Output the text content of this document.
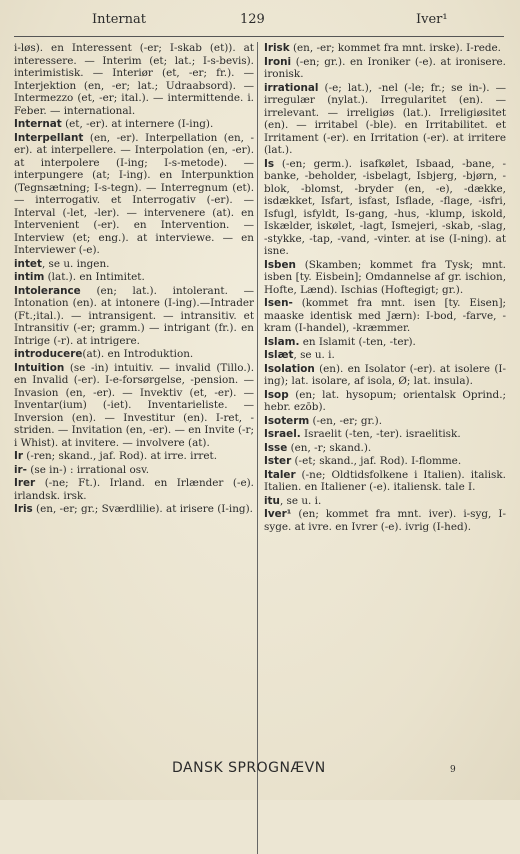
Internat	129	Iver¹
i-løs). en Interessent (-er; I-skab (et)). at interessere. — Interim (et; lat.; I-s-bevis). interimistisk. — Interiør (et, -er; fr.). — Interjektion (en, -er; lat.; Udraabsord). — Intermezzo (et, -er; ital.). — intermittende. i. Feber. — international.
Internat (et, -er). at internere (I-ing).
Interpellant (en, -er). Interpellation (en, -er). at interpellere. — Interpolation (en, -er). at interpolere (I-ing; I-s-metode). — interpungere (at; I-ing). en Interpunktion (Tegnsætning; I-s-tegn). — Interregnum (et). — interrogativ. et Interrogativ (-er). — Interval (-let, -ler). — intervenere (at). en Intervenient (-er). en Intervention. — Interview (et; eng.). at interviewe. — en Interviewer (-e).
intet, se u. ingen.
intim (lat.). en Intimitet.
Intolerance (en; lat.). intolerant. — Intonation (en). at intonere (I-ing).—Intrader (Ft.;ital.). — intransigent. — intransitiv. et Intransitiv (-er; gramm.) — intrigant (fr.). en Intrige (-r). at intrigere.
introducere(at). en Introduktion.
Intuition (se -in) intuitiv. — invalid (Tillo.). en Invalid (-er). I-e-forsørgelse, -pension. — Invasion (en, -er). — Invektiv (et, -er). — Inventar(ium) (-iet). Inventarieliste. — Inversion (en). — Investitur (en). I-ret, -striden. — Invitation (en, -er). — en Invite (-r; i Whist). at invitere. — involvere (at).
Ir (-ren; skand., jaf. Rod). at irre. irret.
ir- (se in-) : irrational osv.
Irer (-ne; Ft.). Irland. en Irlænder (-e). irlandsk. irsk.
Iris (en, -er; gr.; Sværdlilie). at irisere (I-ing).
Irisk (en, -er; kommet fra mnt. irske). I-rede.
Ironi (-en; gr.). en Ironiker (-e). at ironisere. ironisk.
irrational (-e; lat.), -nel (-le; fr.; se in-). — irregulær (nylat.). Irregularitet (en). — irrelevant. — irreligiøs (lat.). Irreligiøsitet (en). — irritabel (-ble). en Irritabilitet. et Irritament (-er). en Irritation (-er). at irritere (lat.).
Is (-en; germ.). isafkølet, Isbaad, -bane, -banke, -beholder, -isbelagt, Isbjerg, -bjørn, -blok, -blomst, -bryder (en, -e), -dække, isdækket, Isfart, isfast, Isflade, -flage, -isfri, Isfugl, isfyldt, Is-gang, -hus, -klump, iskold, Iskælder, iskølet, -lagt, Ismejeri, -skab, -slag, -stykke, -tap, -vand, -vinter. at ise (I-ning). at isne.
Isben (Skamben; kommet fra Tysk; mnt. isben [ty. Eisbein]; Omdannelse af gr. ischion, Hofte, Lænd). Ischias (Hoftegigt; gr.).
Isen- (kommet fra mnt. isen [ty. Eisen]; maaske identisk med Jærn): I-bod, -farve, -kram (I-handel), -kræmmer.
Islam. en Islamit (-ten, -ter).
Islæt, se u. i.
Isolation (en). en Isolator (-er). at isolere (I-ing); lat. isolare, af isola, Ø; lat. insula).
Isop (en; lat. hysopum; orientalsk Oprind.; hebr. ezōb).
Isoterm (-en, -er; gr.).
Israel. Israelit (-ten, -ter). israelitisk.
Isse (en, -r; skand.).
Ister (-et; skand., jaf. Rod). I-flomme.
Italer (-ne; Oldtidsfolkene i Italien). italisk. Italien. en Italiener (-e). italiensk. tale I.
itu, se u. i.
Iver¹ (en; kommet fra mnt. iver). i-syg, I-syge. at ivre. en Ivrer (-e). ivrig (I-hed).
DANSK SPROGNÆVN	9
